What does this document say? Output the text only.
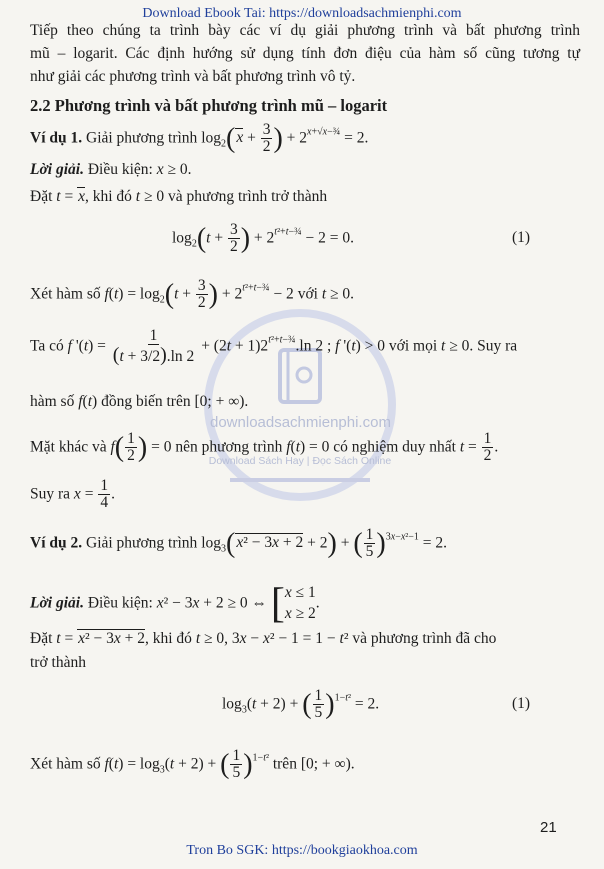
Download Ebook Tai: https://downloadsachmienphi.com
downloadsachmienphi.com
Download Sách Hay | Đọc Sách Online
Tiếp theo chúng ta trình bày các ví dụ giải phương trình và bất phương trình
mũ – logarit. Các định hướng sử dụng tính đơn điệu của hàm số cũng tương tự
như giải các phương trình và bất phương trình vô tỷ.
2.2 Phương trình và bất phương trình mũ – logarit
Ví dụ 1. Giải phương trình $\log_2(x + \frac{3}{2}$ ) + $2^{x+√x-\frac{3}{4}} = 2$.
Lời giải. Điều kiện: x ≥ 0.
Đặt t = x, khi đó t ≥ 0 và phương trình trở thành
$\log_2(t + \frac{3}{2}$ ) + $2^{t^2+t-\frac{3}{4}} - 2 = 0$.	(1)
Xét hàm số $f(t) = \log_2(t + \frac{3}{2}$ ) + $2^{t^2+t-\frac{3}{4}} - 2$ với t ≥ 0.
Ta có f '$(t) = \frac{1}{(t + 3/2).\ln 2} + (2t + 1)2^{t^2+t-\frac{3}{4}}.\ln$ 2 ; f '(t) > 0 với mọi t ≥ 0. Suy ra
hàm số f(t) đồng biến trên [0; + ∞).
Mặt khác và $f( \frac{1}{2}$ ) = 0 nên phương trình f(t) = 0 có nghiệm duy nhất $t = \frac{1}{2}$ .
Suy ra $x = \frac{1}{4}$ .
Ví dụ 2. Giải phương trình $\log_3(x^2 - 3x + 2 + 2)$ + ( $\frac{1}{5} )^{3x-x^2-1} = 2$.
Lời giải. Điều kiện: x² − 3x + 2 ≥ 0 ⇔ [ x ≤ 1
x ≥ 2
.
Đặt t = x² − 3x + 2, khi đó t ≥ 0, 3x − x² − 1 = 1 − t² và phương trình đã cho
trở thành
$\log_3(t + 2)$ + ( $\frac{1}{5} )^{1-t^2} = 2$.	(1)
Xét hàm số $f(t) = \log_3(t + 2)$ + ( $\frac{1}{5} )^{1-t^2}$ trên [0; + ∞).
21
Tron Bo SGK: https://bookgiaokhoa.com
